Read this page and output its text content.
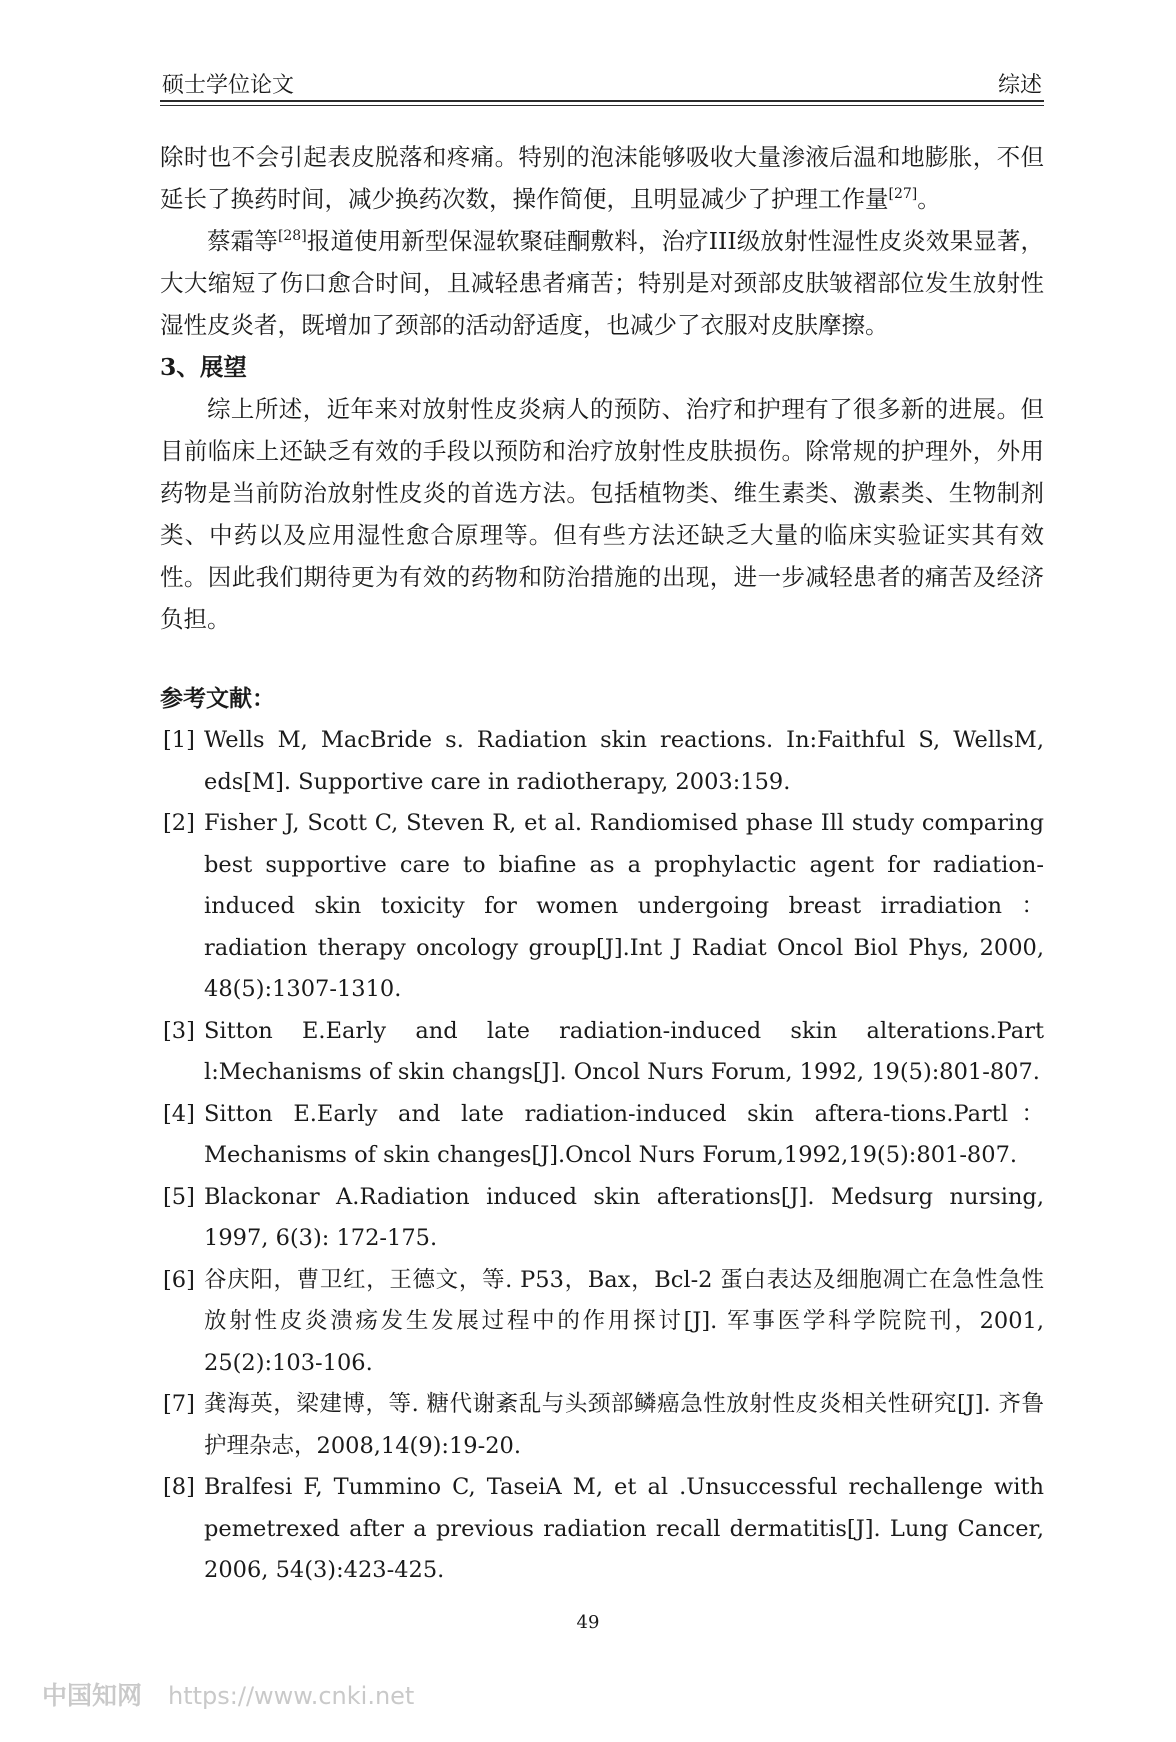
硕士学位论文	综述

除时也不会引起表皮脱落和疼痛。特别的泡沫能够吸收大量渗液后温和地膨胀，不但延长了换药时间，减少换药次数，操作简便，且明显减少了护理工作量[27]。

蔡霜等[28]报道使用新型保湿软聚硅酮敷料，治疗III级放射性湿性皮炎效果显著，大大缩短了伤口愈合时间，且减轻患者痛苦；特别是对颈部皮肤皱褶部位发生放射性湿性皮炎者，既增加了颈部的活动舒适度，也减少了衣服对皮肤摩擦。

3、展望

综上所述，近年来对放射性皮炎病人的预防、治疗和护理有了很多新的进展。但目前临床上还缺乏有效的手段以预防和治疗放射性皮肤损伤。除常规的护理外，外用药物是当前防治放射性皮炎的首选方法。包括植物类、维生素类、激素类、生物制剂类、中药以及应用湿性愈合原理等。但有些方法还缺乏大量的临床实验证实其有效性。因此我们期待更为有效的药物和防治措施的出现，进一步减轻患者的痛苦及经济负担。

参考文献：

[1] Wells M, MacBride s. Radiation skin reactions. In:Faithful S, WellsM, eds[M]. Supportive care in radiotherapy, 2003:159.

[2] Fisher J, Scott C, Steven R, et al. Randiomised phase Ill study comparing best supportive care to biafine as a prophylactic agent for radiation-induced skin toxicity for women undergoing breast irradiation ：radiation therapy oncology group[J].Int J Radiat Oncol Biol Phys, 2000, 48(5):1307-1310.

[3] Sitton E.Early and late radiation-induced skin alterations.Part l:Mechanisms of skin changs[J]. Oncol Nurs Forum, 1992, 19(5):801-807.

[4] Sitton E.Early and late radiation-induced skin aftera-tions.Partl：Mechanisms of skin changes[J].Oncol Nurs Forum,1992,19(5):801-807.

[5] Blackonar A.Radiation induced skin afterations[J]. Medsurg nursing, 1997, 6(3): 172-175.

[6] 谷庆阳，曹卫红，王德文，等. P53，Bax，Bcl-2 蛋白表达及细胞凋亡在急性急性放射性皮炎溃疡发生发展过程中的作用探讨[J]. 军事医学科学院院刊，2001, 25(2):103-106.

[7] 龚海英，梁建博，等. 糖代谢紊乱与头颈部鳞癌急性放射性皮炎相关性研究[J]. 齐鲁护理杂志，2008,14(9):19-20.

[8] Bralfesi F, Tummino C, TaseiA M, et al .Unsuccessful rechallenge with pemetrexed after a previous radiation recall dermatitis[J]. Lung Cancer, 2006, 54(3):423-425.

49
中国知网 https://www.cnki.net
